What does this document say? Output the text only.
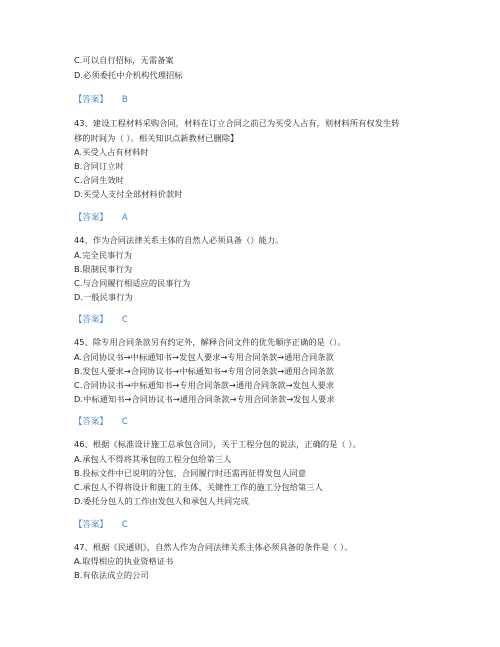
C.可以自行招标，无需备案
D.必须委托中介机构代理招标
【答案】 B
43、建设工程材料采购合同，材料在订立合同之前已为买受人占有，则材料所有权发生转
移的时间为（ ）。相关知识点新教材已删除】
A.买受人占有材料时
B.合同订立时
C.合同生效时
D.买受人支付全部材料价款时
【答案】 A
44、作为合同法律关系主体的自然人必须具备（）能力。
A.完全民事行为
B.限制民事行为
C.与合同履行相适应的民事行为
D.一般民事行为
【答案】 C
45、除专用合同条款另有约定外，解释合同文件的优先顺序正确的是（）。
A.合同协议书→中标通知书→发包人要求→专用合同条款→通用合同条款
B.发包人要求→合同协议书→中标通知书→专用合同条款→通用合同条款
C.合同协议书→中标通知书→专用合同条款→通用合同条款→发包人要求
D.中标通知书→合同协议书→通用合同条款→专用合同条款→发包人要求
【答案】 C
46、根据《标准设计施工总承包合同》，关于工程分包的说法，正确的是（ ）。
A.承包人不得将其承包的工程分包给第三人
B.投标文件中已说明的分包，合同履行时还需再征得发包人同意
C.承包人不得将设计和施工的主体、关键性工作的施工分包给第三人
D.委托分包人的工作由发包人和承包人共同完成
【答案】 C
47、根据《民通则》，自然人作为合同法律关系主体必须具备的条件是（ ）。
A.取得相应的执业资格证书
B.有依法成立的公司
